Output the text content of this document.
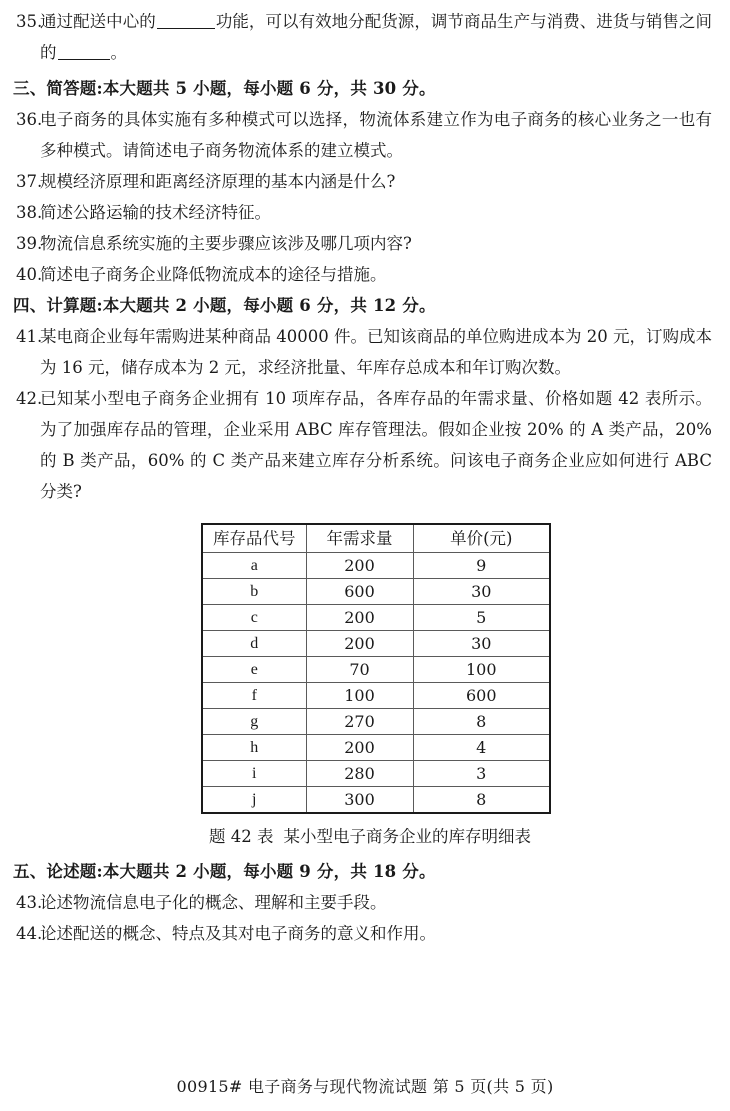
35.
通过配送中心的	功能，可以有效地分配货源，调节商品生产与消费、进货与销售之间的	。
三、简答题:本大题共 5 小题，每小题 6 分，共 30 分。
36.
电子商务的具体实施有多种模式可以选择，物流体系建立作为电子商务的核心业务之一也有多种模式。请简述电子商务物流体系的建立模式。
37.
规模经济原理和距离经济原理的基本内涵是什么?
38.
简述公路运输的技术经济特征。
39.
物流信息系统实施的主要步骤应该涉及哪几项内容?
40.
简述电子商务企业降低物流成本的途径与措施。
四、计算题:本大题共 2 小题，每小题 6 分，共 12 分。
41.
某电商企业每年需购进某种商品 40000 件。已知该商品的单位购进成本为 20 元，订购成本为 16 元，储存成本为 2 元，求经济批量、年库存总成本和年订购次数。
42.
已知某小型电子商务企业拥有 10 项库存品，各库存品的年需求量、价格如题 42 表所示。为了加强库存品的管理，企业采用 ABC 库存管理法。假如企业按 20% 的 A 类产品，20% 的 B 类产品，60% 的 C 类产品来建立库存分析系统。问该电子商务企业应如何进行 ABC 分类?
库存品代号	年需求量	单价(元)
a	200	9
b	600	30
c	200	5
d	200	30
e	70	100
f	100	600
g	270	8
h	200	4
i	280	3
j	300	8
题 42 表 某小型电子商务企业的库存明细表
五、论述题:本大题共 2 小题，每小题 9 分，共 18 分。
43.
论述物流信息电子化的概念、理解和主要手段。
44.
论述配送的概念、特点及其对电子商务的意义和作用。
00915# 电子商务与现代物流试题 第 5 页(共 5 页)
